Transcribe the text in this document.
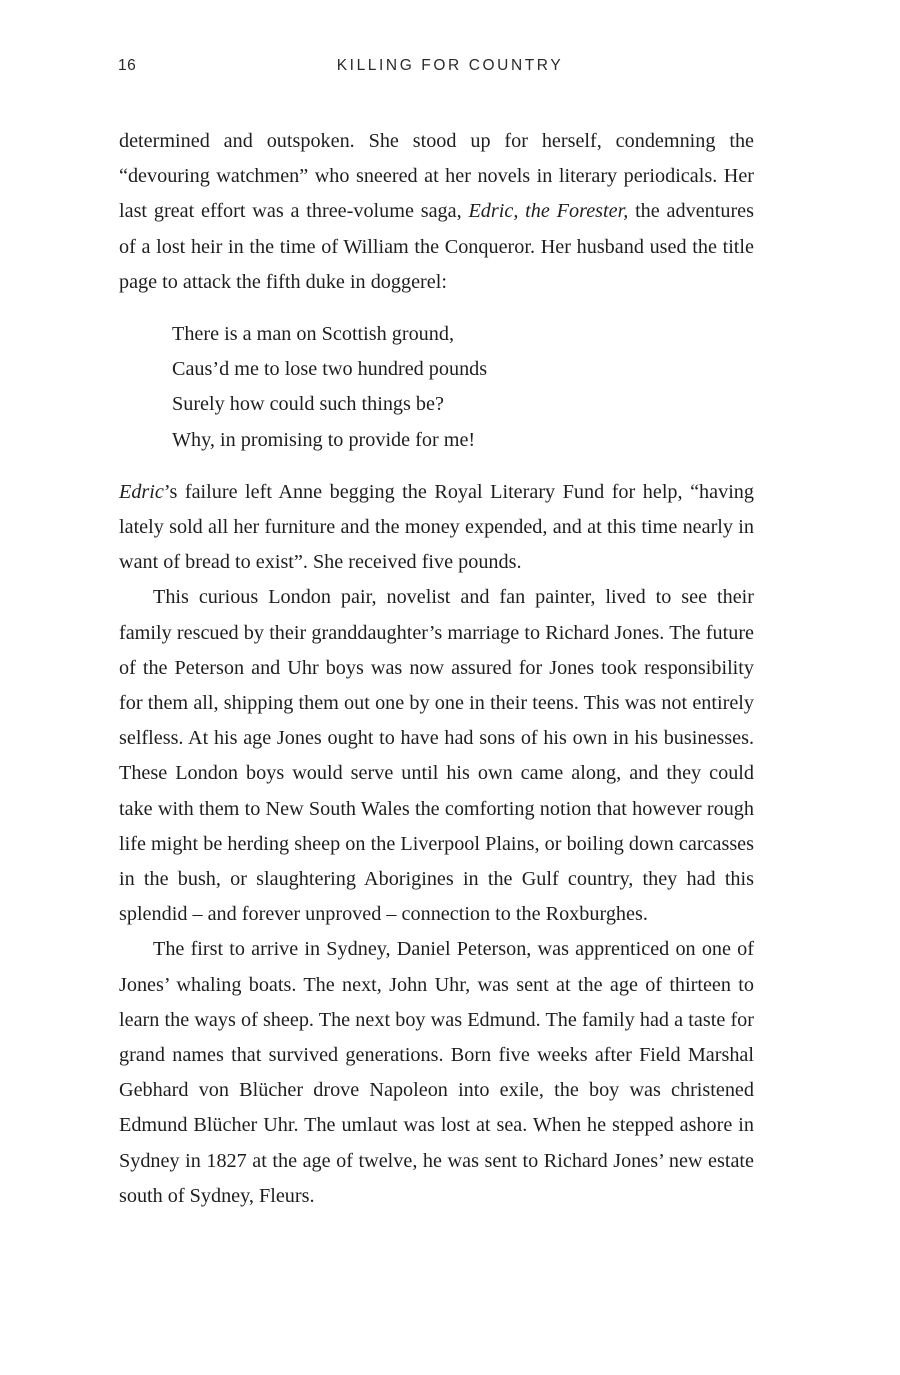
16	KILLING FOR COUNTRY

determined and outspoken. She stood up for herself, condemning the “devouring watchmen” who sneered at her novels in literary periodicals. Her last great effort was a three-volume saga, Edric, the Forester, the adventures of a lost heir in the time of William the Conqueror. Her husband used the title page to attack the fifth duke in doggerel:

There is a man on Scottish ground,
Caus’d me to lose two hundred pounds
Surely how could such things be?
Why, in promising to provide for me!

Edric’s failure left Anne begging the Royal Literary Fund for help, “having lately sold all her furniture and the money expended, and at this time nearly in want of bread to exist”. She received five pounds.

This curious London pair, novelist and fan painter, lived to see their family rescued by their granddaughter’s marriage to Richard Jones. The future of the Peterson and Uhr boys was now assured for Jones took responsibility for them all, shipping them out one by one in their teens. This was not entirely selfless. At his age Jones ought to have had sons of his own in his businesses. These London boys would serve until his own came along, and they could take with them to New South Wales the comforting notion that however rough life might be herding sheep on the Liverpool Plains, or boiling down carcasses in the bush, or slaughtering Aborigines in the Gulf country, they had this splendid – and forever unproved – connection to the Roxburghes.

The first to arrive in Sydney, Daniel Peterson, was apprenticed on one of Jones’ whaling boats. The next, John Uhr, was sent at the age of thirteen to learn the ways of sheep. The next boy was Edmund. The family had a taste for grand names that survived generations. Born five weeks after Field Marshal Gebhard von Blücher drove Napoleon into exile, the boy was christened Edmund Blücher Uhr. The umlaut was lost at sea. When he stepped ashore in Sydney in 1827 at the age of twelve, he was sent to Richard Jones’ new estate south of Sydney, Fleurs.
